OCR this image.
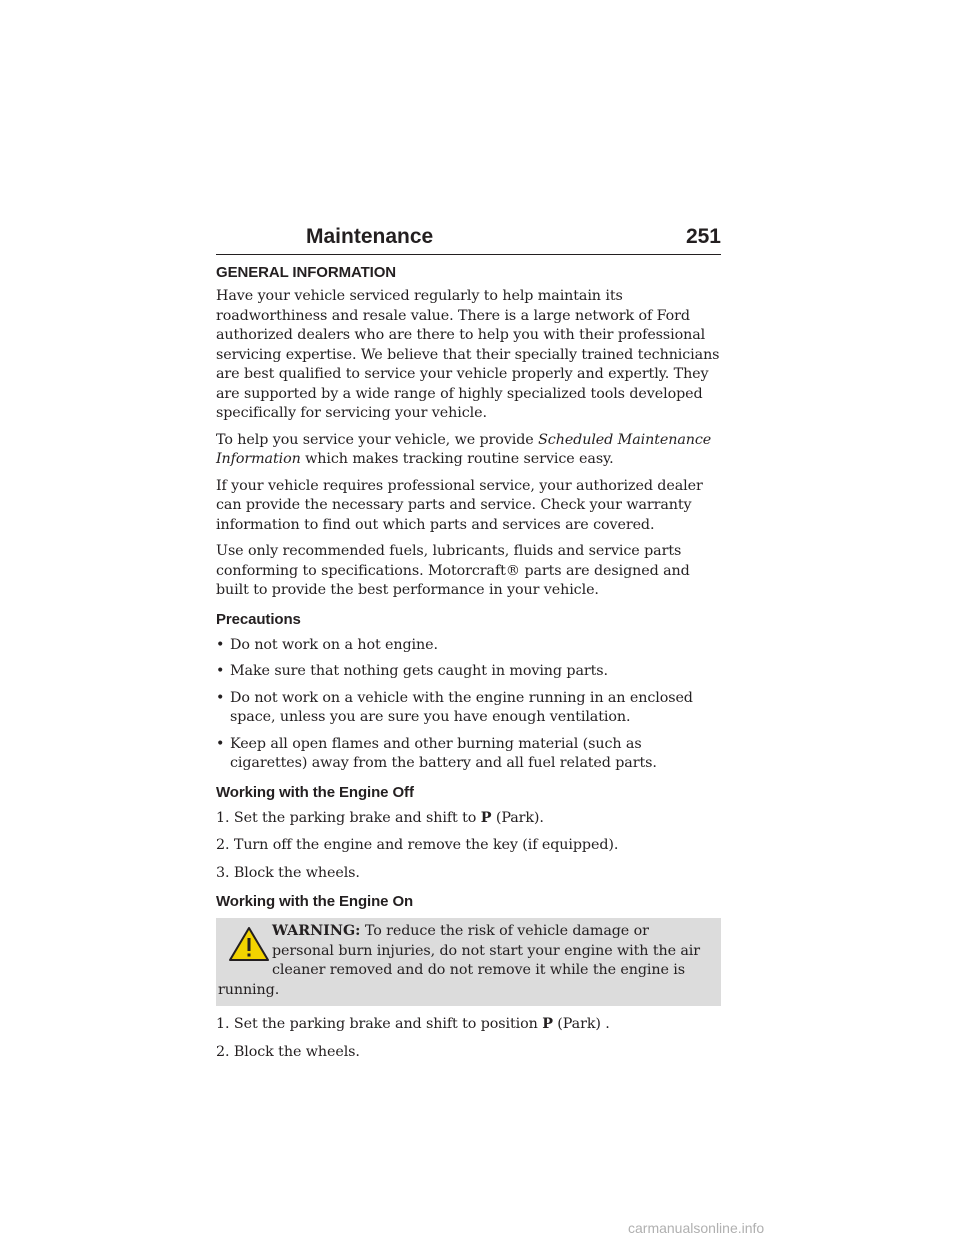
Maintenance	251
GENERAL INFORMATION

Have your vehicle serviced regularly to help maintain its roadworthiness and resale value. There is a large network of Ford authorized dealers who are there to help you with their professional servicing expertise. We believe that their specially trained technicians are best qualified to service your vehicle properly and expertly. They are supported by a wide range of highly specialized tools developed specifically for servicing your vehicle.

To help you service your vehicle, we provide Scheduled Maintenance Information which makes tracking routine service easy.

If your vehicle requires professional service, your authorized dealer can provide the necessary parts and service. Check your warranty information to find out which parts and services are covered.

Use only recommended fuels, lubricants, fluids and service parts conforming to specifications. Motorcraft® parts are designed and built to provide the best performance in your vehicle.

Precautions
• Do not work on a hot engine.
• Make sure that nothing gets caught in moving parts.
• Do not work on a vehicle with the engine running in an enclosed space, unless you are sure you have enough ventilation.
• Keep all open flames and other burning material (such as cigarettes) away from the battery and all fuel related parts.
Working with the Engine Off

1. Set the parking brake and shift to P (Park).

2. Turn off the engine and remove the key (if equipped).

3. Block the wheels.

Working with the Engine On
WARNING: To reduce the risk of vehicle damage or personal burn injuries, do not start your engine with the air cleaner removed and do not remove it while the engine is running.

1. Set the parking brake and shift to position P (Park) .

2. Block the wheels.

carmanualsonline.info
